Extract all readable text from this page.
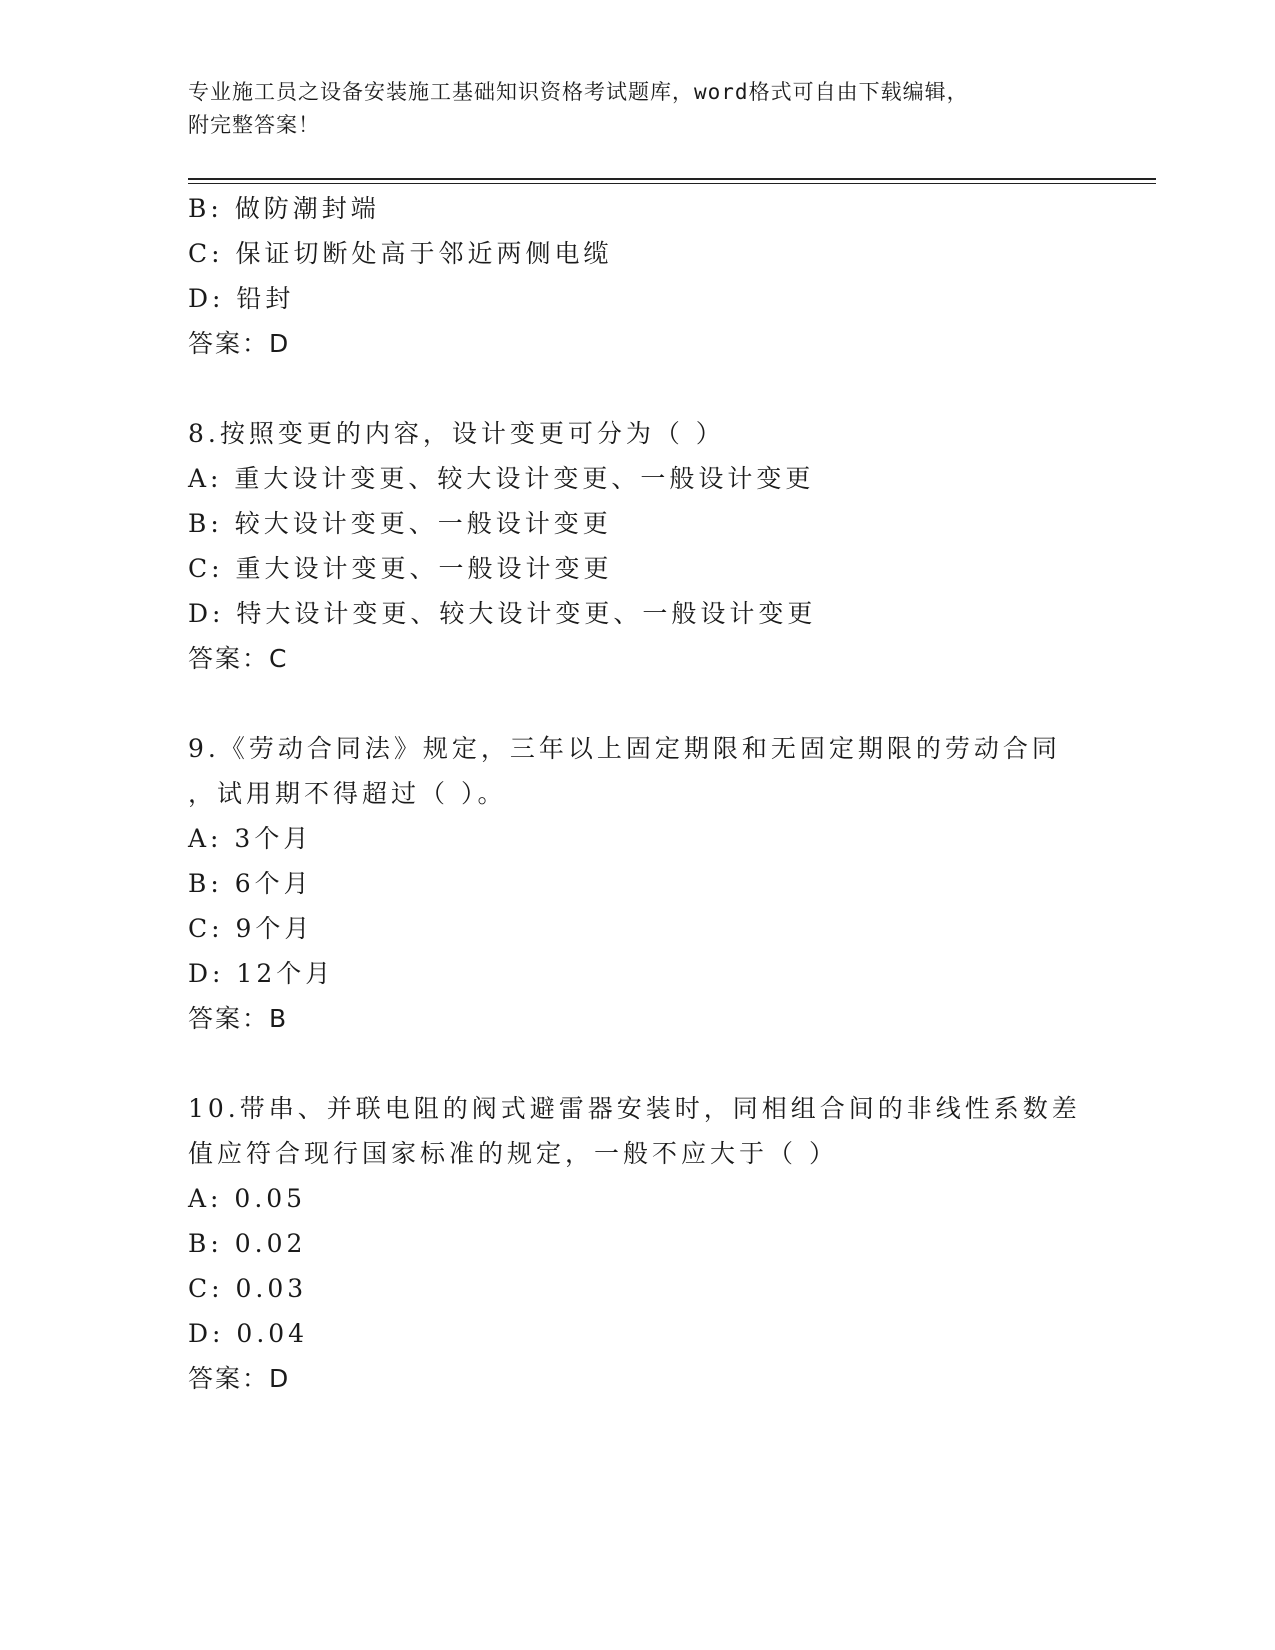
专业施工员之设备安装施工基础知识资格考试题库，word格式可自由下载编辑，
附完整答案！
B: 做防潮封端
C: 保证切断处高于邻近两侧电缆
D: 铅封
答案：D
8.按照变更的内容，设计变更可分为（ ）
A: 重大设计变更、较大设计变更、一般设计变更
B: 较大设计变更、一般设计变更
C: 重大设计变更、一般设计变更
D: 特大设计变更、较大设计变更、一般设计变更
答案：C
9.《劳动合同法》规定，三年以上固定期限和无固定期限的劳动合同
，试用期不得超过（ ）。
A: 3个月
B: 6个月
C: 9个月
D: 12个月
答案：B
10.带串、并联电阻的阀式避雷器安装时，同相组合间的非线性系数差
值应符合现行国家标准的规定，一般不应大于（ ）
A: 0.05
B: 0.02
C: 0.03
D: 0.04
答案：D
